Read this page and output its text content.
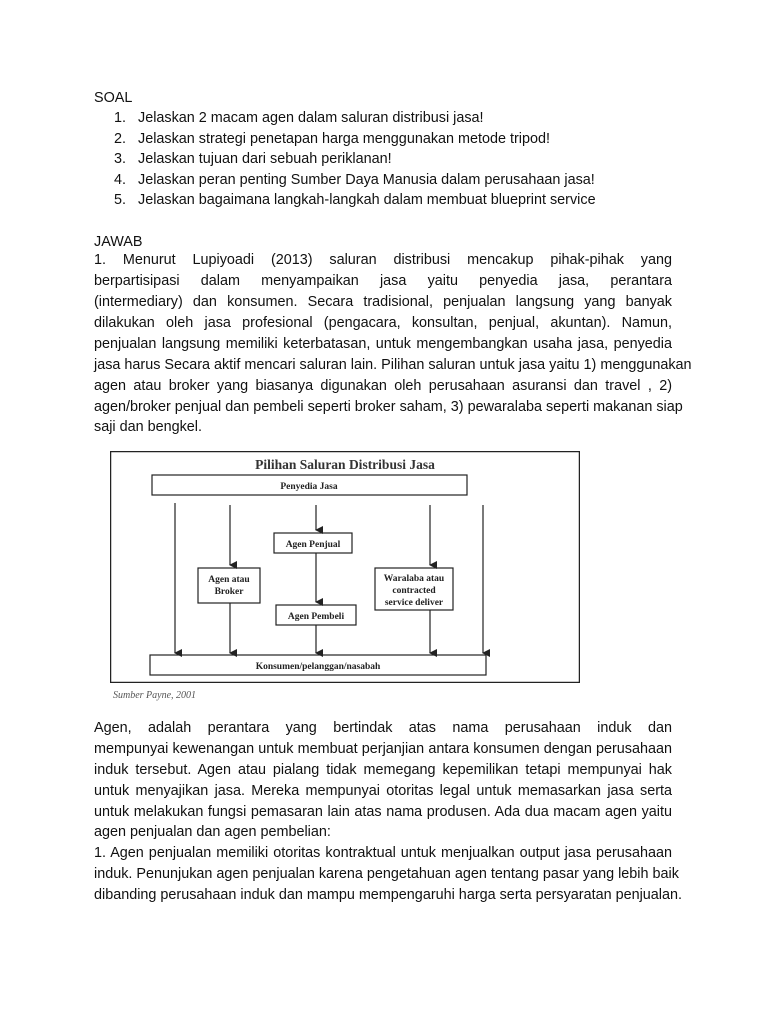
SOAL
1. Jelaskan 2 macam agen dalam saluran distribusi jasa!
2. Jelaskan strategi penetapan harga menggunakan metode tripod!
3. Jelaskan tujuan dari sebuah periklanan!
4. Jelaskan peran penting Sumber Daya Manusia dalam perusahaan jasa!
5. Jelaskan bagaimana langkah-langkah dalam membuat blueprint service
JAWAB
1. Menurut Lupiyoadi (2013) saluran distribusi mencakup pihak-pihak yang
berpartisipasi dalam menyampaikan jasa yaitu penyedia jasa, perantara
(intermediary) dan konsumen. Secara tradisional, penjualan langsung yang banyak
dilakukan oleh jasa profesional (pengacara, konsultan, penjual, akuntan). Namun,
penjualan langsung memiliki keterbatasan, untuk mengembangkan usaha jasa, penyedia
jasa harus Secara aktif mencari saluran lain. Pilihan saluran untuk jasa yaitu 1) menggunakan
agen atau broker yang biasanya digunakan oleh perusahaan asuransi dan travel , 2)
agen/broker penjual dan pembeli seperti broker saham, 3) pewaralaba seperti makanan siap
saji dan bengkel.
Pilihan Saluran Distribusi Jasa
Penyedia Jasa
Agen Penjual
Agen atau
Broker
Waralaba atau
contracted
service deliver
Agen Pembeli
Konsumen/pelanggan/nasabah
Sumber Payne, 2001
Agen, adalah perantara yang bertindak atas nama perusahaan induk dan
mempunyai kewenangan untuk membuat perjanjian antara konsumen dengan perusahaan
induk tersebut. Agen atau pialang tidak memegang kepemilikan tetapi mempunyai hak
untuk menyajikan jasa. Mereka mempunyai otoritas legal untuk memasarkan jasa serta
untuk melakukan fungsi pemasaran lain atas nama produsen. Ada dua macam agen yaitu
agen penjualan dan agen pembelian:
1. Agen penjualan memiliki otoritas kontraktual untuk menjualkan output jasa perusahaan
induk. Penunjukan agen penjualan karena pengetahuan agen tentang pasar yang lebih baik
dibanding perusahaan induk dan mampu mempengaruhi harga serta persyaratan penjualan.
